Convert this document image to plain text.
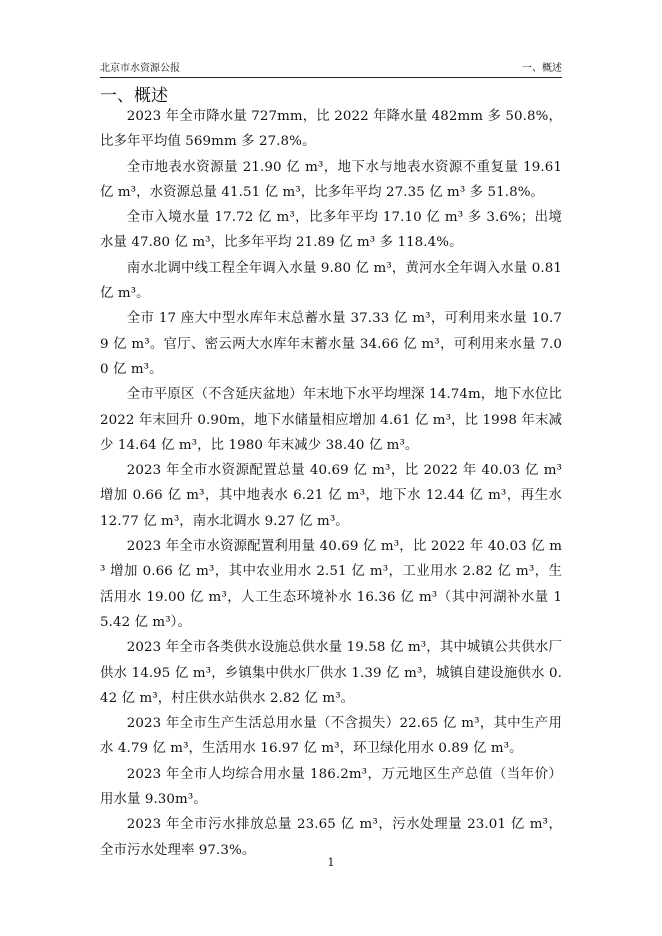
北京市水资源公报	一、概述
一、概述

2023 年全市降水量 727mm，比 2022 年降水量 482mm 多 50.8%，比多年平均值 569mm 多 27.8%。

全市地表水资源量 21.90 亿 m³，地下水与地表水资源不重复量 19.61 亿 m³，水资源总量 41.51 亿 m³，比多年平均 27.35 亿 m³ 多 51.8%。

全市入境水量 17.72 亿 m³，比多年平均 17.10 亿 m³ 多 3.6%；出境水量 47.80 亿 m³，比多年平均 21.89 亿 m³ 多 118.4%。

南水北调中线工程全年调入水量 9.80 亿 m³，黄河水全年调入水量 0.81 亿 m³。

全市 17 座大中型水库年末总蓄水量 37.33 亿 m³，可利用来水量 10.79 亿 m³。官厅、密云两大水库年末蓄水量 34.66 亿 m³，可利用来水量 7.00 亿 m³。

全市平原区（不含延庆盆地）年末地下水平均埋深 14.74m，地下水位比 2022 年末回升 0.90m，地下水储量相应增加 4.61 亿 m³，比 1998 年末减少 14.64 亿 m³，比 1980 年末减少 38.40 亿 m³。

2023 年全市水资源配置总量 40.69 亿 m³，比 2022 年 40.03 亿 m³ 增加 0.66 亿 m³，其中地表水 6.21 亿 m³，地下水 12.44 亿 m³，再生水 12.77 亿 m³，南水北调水 9.27 亿 m³。

2023 年全市水资源配置利用量 40.69 亿 m³，比 2022 年 40.03 亿 m³ 增加 0.66 亿 m³，其中农业用水 2.51 亿 m³，工业用水 2.82 亿 m³，生活用水 19.00 亿 m³，人工生态环境补水 16.36 亿 m³（其中河湖补水量 15.42 亿 m³）。

2023 年全市各类供水设施总供水量 19.58 亿 m³，其中城镇公共供水厂供水 14.95 亿 m³，乡镇集中供水厂供水 1.39 亿 m³，城镇自建设施供水 0.42 亿 m³，村庄供水站供水 2.82 亿 m³。

2023 年全市生产生活总用水量（不含损失）22.65 亿 m³，其中生产用水 4.79 亿 m³，生活用水 16.97 亿 m³，环卫绿化用水 0.89 亿 m³。

2023 年全市人均综合用水量 186.2m³，万元地区生产总值（当年价）用水量 9.30m³。

2023 年全市污水排放总量 23.65 亿 m³，污水处理量 23.01 亿 m³，全市污水处理率 97.3%。

1
